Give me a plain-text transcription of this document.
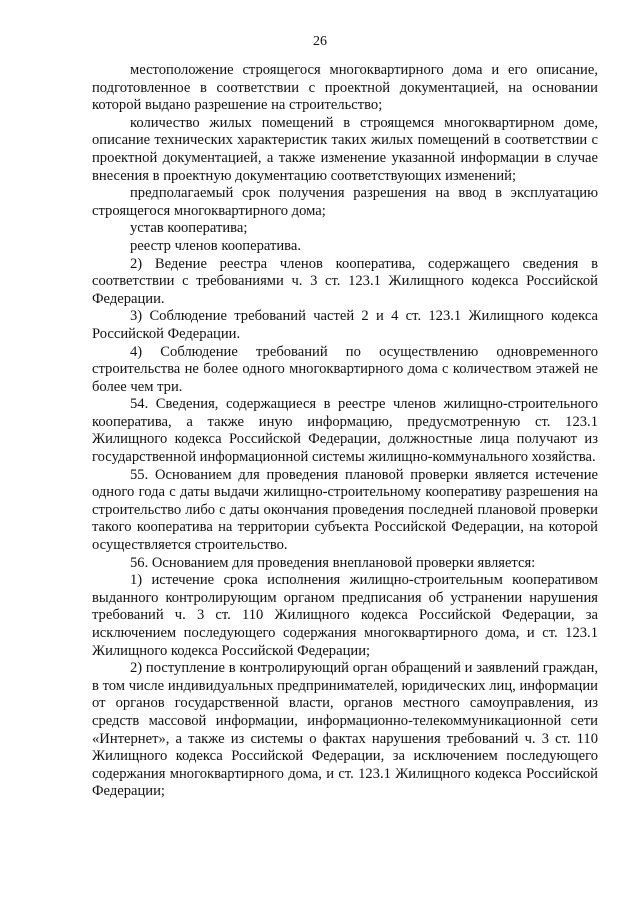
26

местоположение строящегося многоквартирного дома и его описание, подготовленное в соответствии с проектной документацией, на основании которой выдано разрешение на строительство;

количество жилых помещений в строящемся многоквартирном доме, описание технических характеристик таких жилых помещений в соответствии с проектной документацией, а также изменение указанной информации в случае внесения в проектную документацию соответствующих изменений;

предполагаемый срок получения разрешения на ввод в эксплуатацию строящегося многоквартирного дома;

устав кооператива;

реестр членов кооператива.

2) Ведение реестра членов кооператива, содержащего сведения в соответствии с требованиями ч. 3 ст. 123.1 Жилищного кодекса Российской Федерации.

3) Соблюдение требований частей 2 и 4 ст. 123.1 Жилищного кодекса Российской Федерации.

4) Соблюдение требований по осуществлению одновременного строительства не более одного многоквартирного дома с количеством этажей не более чем три.

54. Сведения, содержащиеся в реестре членов жилищно-строительного кооператива, а также иную информацию, предусмотренную ст. 123.1 Жилищного кодекса Российской Федерации, должностные лица получают из государственной информационной системы жилищно-коммунального хозяйства.

55. Основанием для проведения плановой проверки является истечение одного года с даты выдачи жилищно-строительному кооперативу разрешения на строительство либо с даты окончания проведения последней плановой проверки такого кооператива на территории субъекта Российской Федерации, на которой осуществляется строительство.

56. Основанием для проведения внеплановой проверки является:

1) истечение срока исполнения жилищно-строительным кооперативом выданного контролирующим органом предписания об устранении нарушения требований ч. 3 ст. 110 Жилищного кодекса Российской Федерации, за исключением последующего содержания многоквартирного дома, и ст. 123.1 Жилищного кодекса Российской Федерации;

2) поступление в контролирующий орган обращений и заявлений граждан, в том числе индивидуальных предпринимателей, юридических лиц, информации от органов государственной власти, органов местного самоуправления, из средств массовой информации, информационно-телекоммуникационной сети «Интернет», а также из системы о фактах нарушения требований ч. 3 ст. 110 Жилищного кодекса Российской Федерации, за исключением последующего содержания многоквартирного дома, и ст. 123.1 Жилищного кодекса Российской Федерации;
